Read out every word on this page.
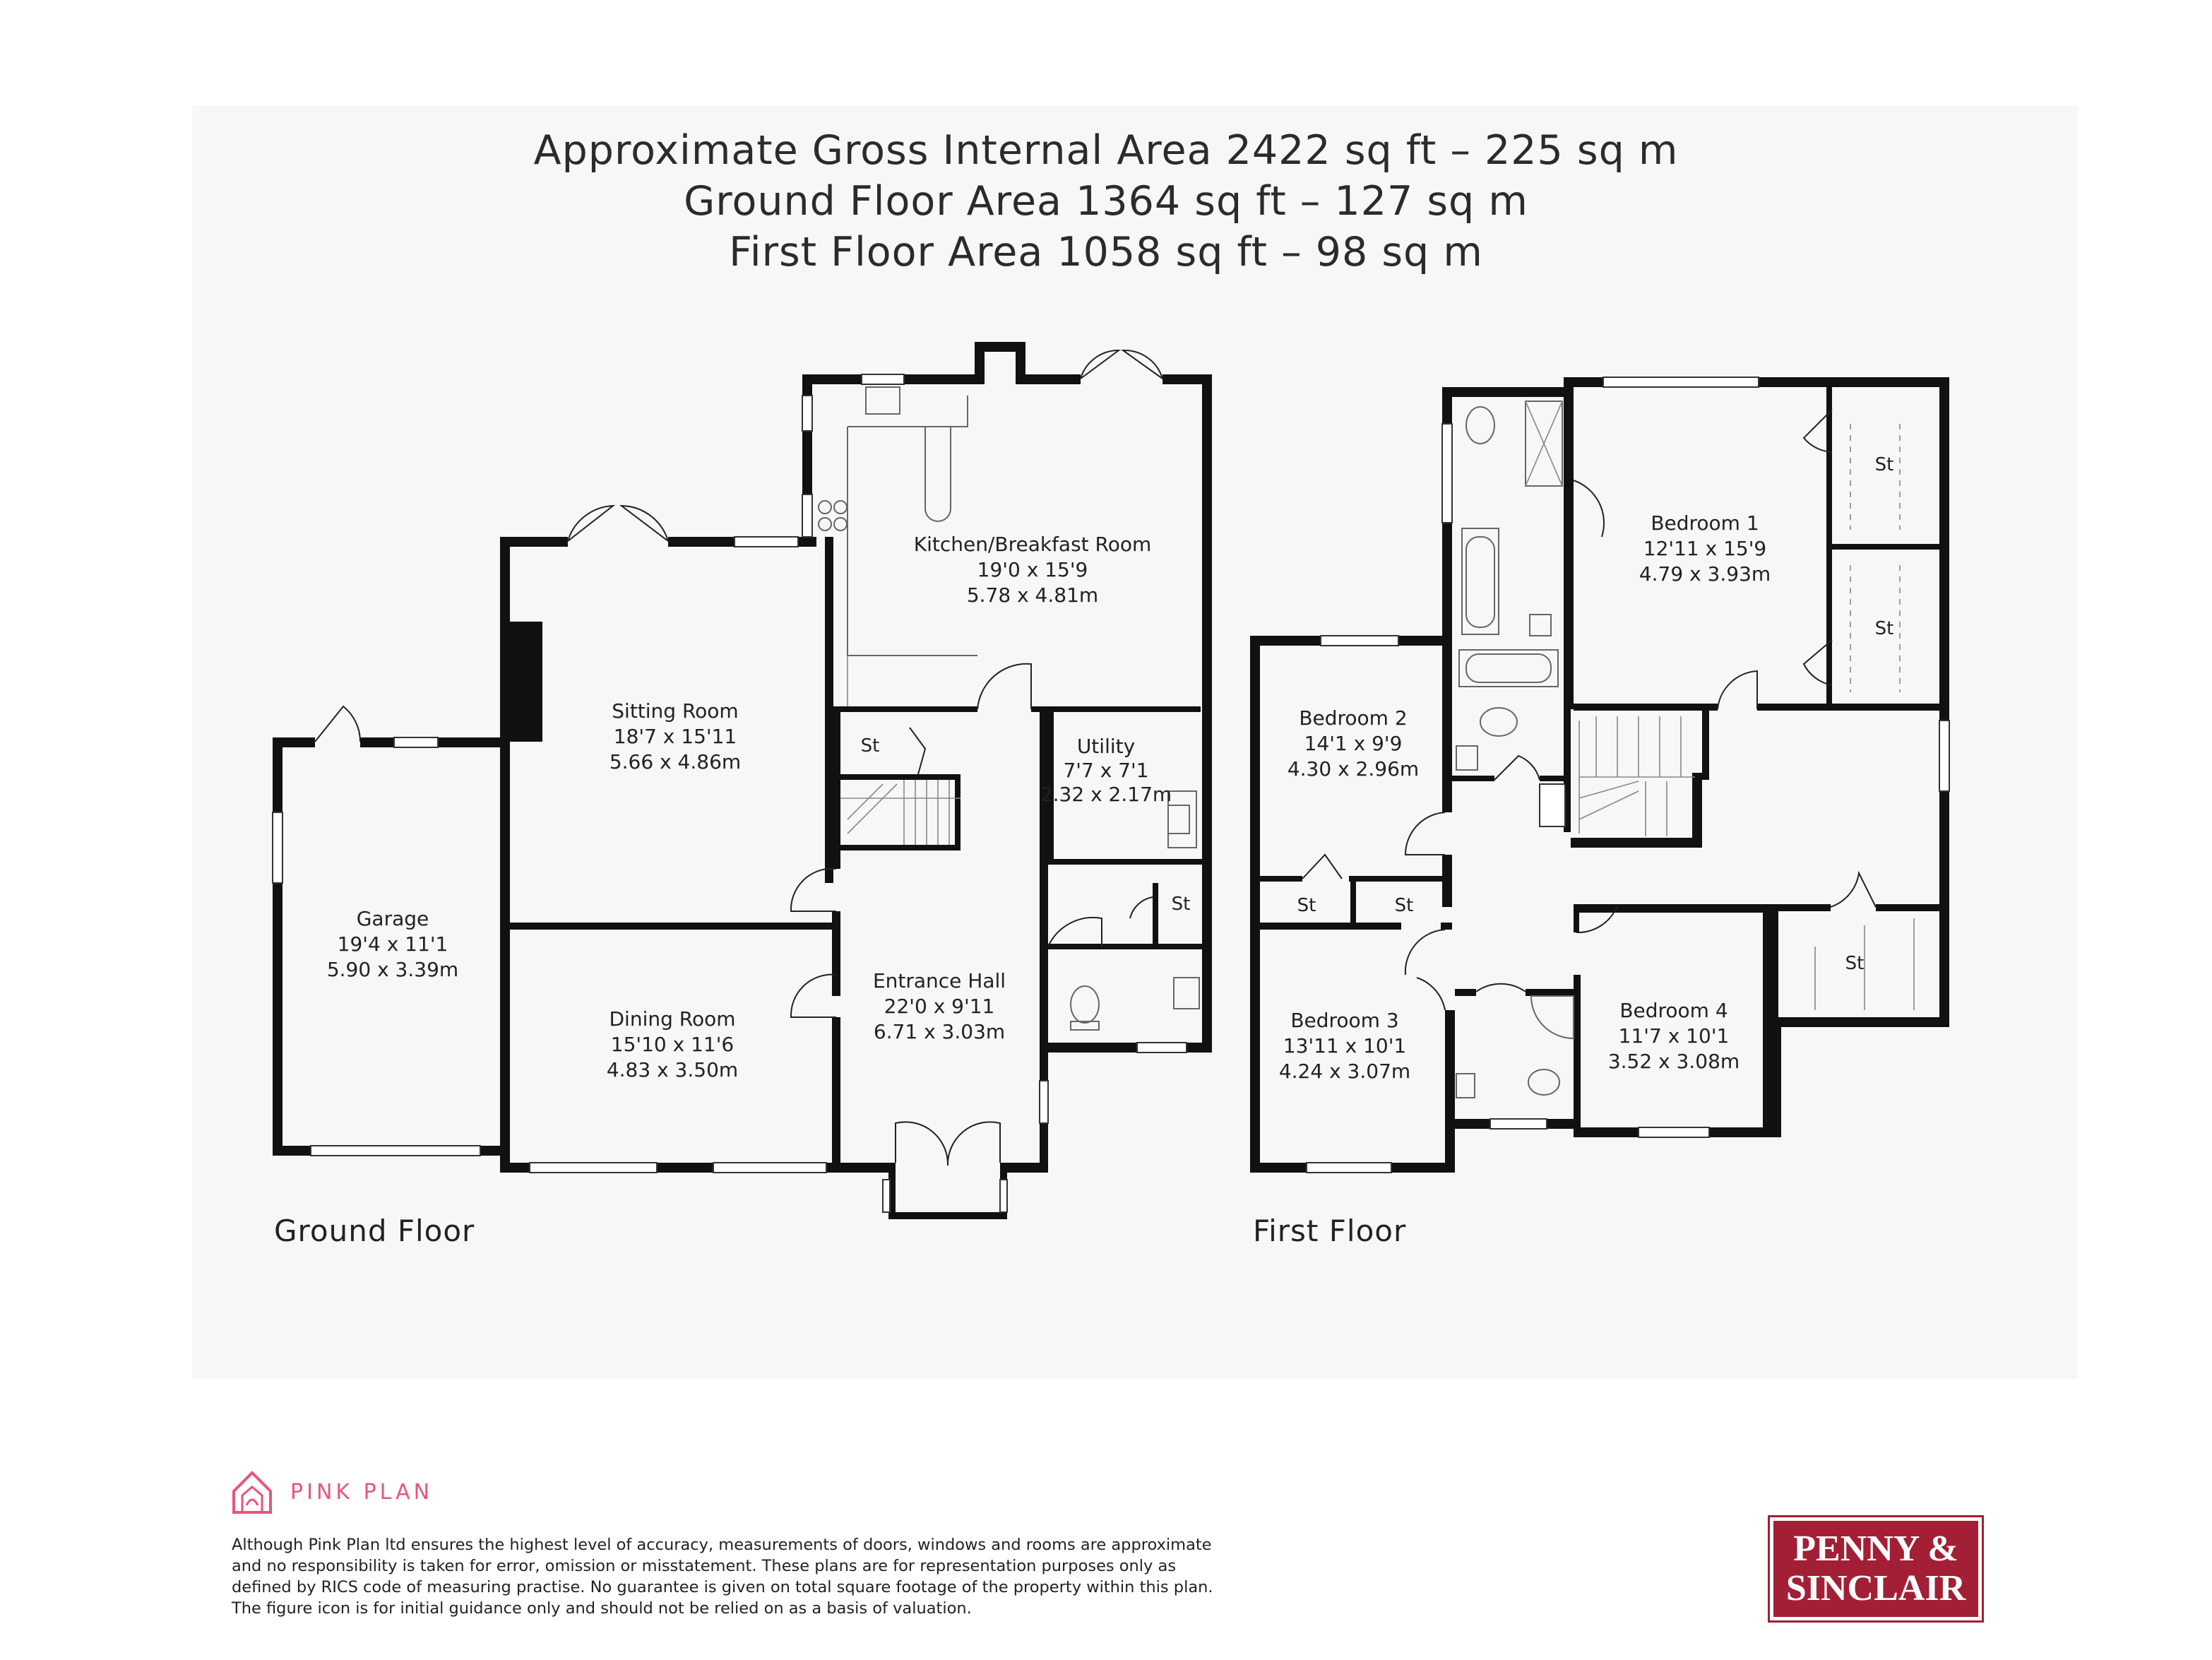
Approximate Gross Internal Area 2422 sq ft – 225 sq m
Ground Floor Area 1364 sq ft – 127 sq m
First Floor Area 1058 sq ft – 98 sq m
Kitchen/Breakfast Room
19'0 x 15'9
5.78 x 4.81m
Sitting Room
18'7 x 15'11
5.66 x 4.86m
Utility
7'7 x 7'1
2.32 x 2.17m
Garage
19'4 x 11'1
5.90 x 3.39m
Dining Room
15'10 x 11'6
4.83 x 3.50m
Entrance Hall
22'0 x 9'11
6.71 x 3.03m
St
St
Bedroom 1
12'11 x 15'9
4.79 x 3.93m
Bedroom 2
14'1 x 9'9
4.30 x 2.96m
Bedroom 3
13'11 x 10'1
4.24 x 3.07m
Bedroom 4
11'7 x 10'1
3.52 x 3.08m
St
St
St	St
St
Ground Floor	First Floor
PINK PLAN
Although Pink Plan ltd ensures the highest level of accuracy, measurements of doors, windows and rooms are approximate and no responsibility is taken for error, omission or misstatement. These plans are for representation purposes only as defined by RICS code of measuring practise. No guarantee is given on total square footage of the property within this plan. The figure icon is for initial guidance only and should not be relied on as a basis of valuation.
PENNY &
SINCLAIR
